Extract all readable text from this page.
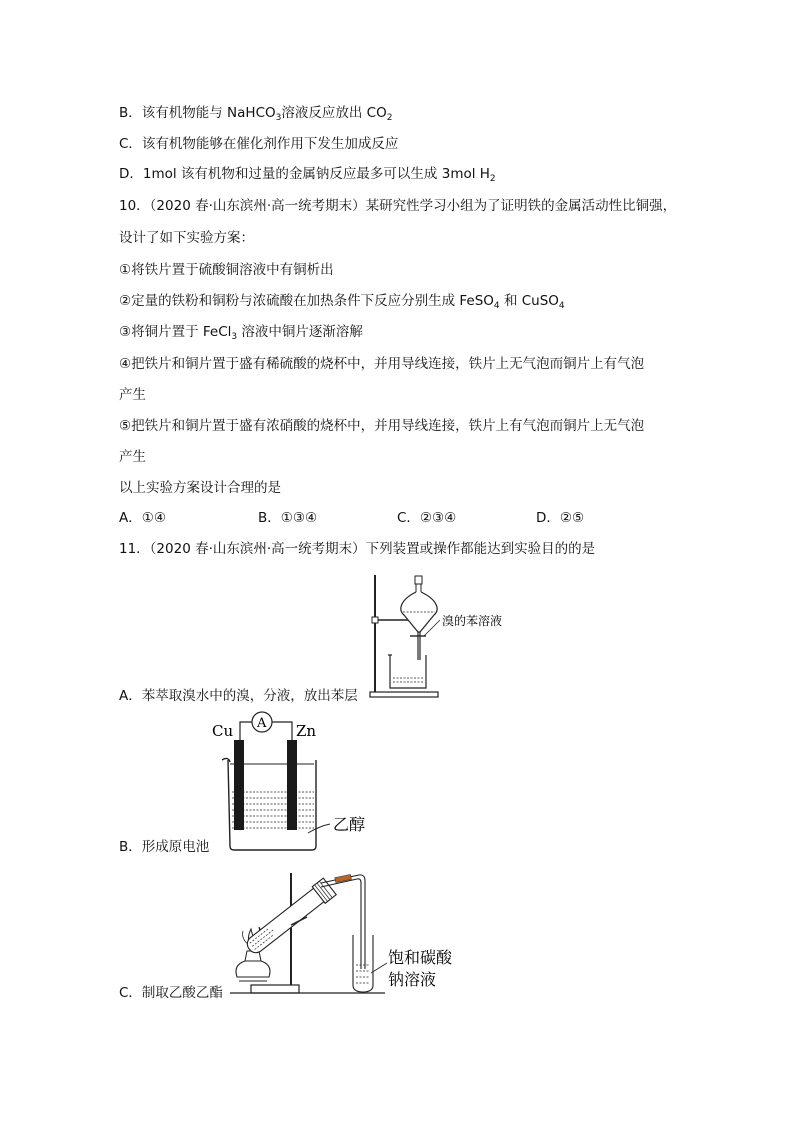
B．该有机物能与 NaHCO$_3$溶液反应放出 $CO_2$
C．该有机物能够在催化剂作用下发生加成反应
D．1mol 该有机物和过量的金属钠反应最多可以生成 3mol $H_2$
10．（2020 春·山东滨州·高一统考期末）某研究性学习小组为了证明铁的金属活动性比铜强，
设计了如下实验方案：
①将铁片置于硫酸铜溶液中有铜析出
②定量的铁粉和铜粉与浓硫酸在加热条件下反应分别生成 FeSO$_4$ 和 CuSO$_4$
③将铜片置于 FeCl$_3$ 溶液中铜片逐渐溶解
④把铁片和铜片置于盛有稀硫酸的烧杯中，并用导线连接，铁片上无气泡而铜片上有气泡
产生
⑤把铁片和铜片置于盛有浓硝酸的烧杯中，并用导线连接，铁片上有气泡而铜片上无气泡
产生
以上实验方案设计合理的是
A．①④	B．①③④	C．②③④	D．②⑤
11．（2020 春·山东滨州·高一统考期末）下列装置或操作都能达到实验目的的是
溴的苯溶液
A．苯萃取溴水中的溴，分液，放出苯层
Cu	Zn
A
乙醇
B．形成原电池
饱和碳酸
钠溶液
C．制取乙酸乙酯
